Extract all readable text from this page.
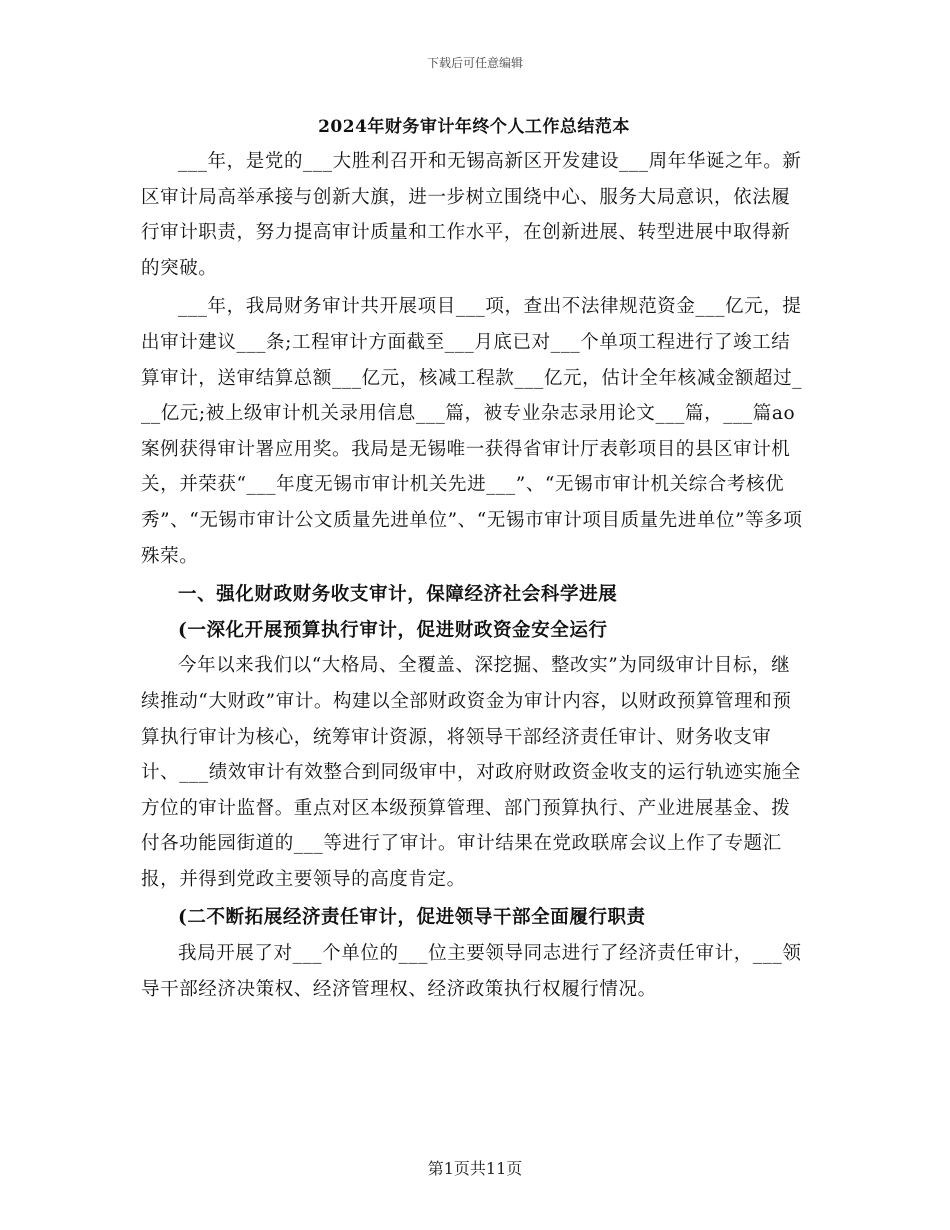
下载后可任意编辑
2024年财务审计年终个人工作总结范本

___年，是党的___大胜利召开和无锡高新区开发建设___周年华诞之年。新区审计局高举承接与创新大旗，进一步树立围绕中心、服务大局意识，依法履行审计职责，努力提高审计质量和工作水平，在创新进展、转型进展中取得新的突破。

___年，我局财务审计共开展项目___项，查出不法律规范资金___亿元，提出审计建议___条;工程审计方面截至___月底已对___个单项工程进行了竣工结算审计，送审结算总额___亿元，核减工程款___亿元，估计全年核减金额超过___亿元;被上级审计机关录用信息___篇，被专业杂志录用论文___篇，___篇ao案例获得审计署应用奖。我局是无锡唯一获得省审计厅表彰项目的县区审计机关，并荣获“___年度无锡市审计机关先进___”、“无锡市审计机关综合考核优秀”、“无锡市审计公文质量先进单位”、“无锡市审计项目质量先进单位”等多项殊荣。

一、强化财政财务收支审计，保障经济社会科学进展
(一深化开展预算执行审计，促进财政资金安全运行

今年以来我们以“大格局、全覆盖、深挖掘、整改实”为同级审计目标，继续推动“大财政”审计。构建以全部财政资金为审计内容，以财政预算管理和预算执行审计为核心，统筹审计资源，将领导干部经济责任审计、财务收支审计、___绩效审计有效整合到同级审中，对政府财政资金收支的运行轨迹实施全方位的审计监督。重点对区本级预算管理、部门预算执行、产业进展基金、拨付各功能园街道的___等进行了审计。审计结果在党政联席会议上作了专题汇报，并得到党政主要领导的高度肯定。

(二不断拓展经济责任审计，促进领导干部全面履行职责

我局开展了对___个单位的___位主要领导同志进行了经济责任审计，___领导干部经济决策权、经济管理权、经济政策执行权履行情况。

第1页共11页
